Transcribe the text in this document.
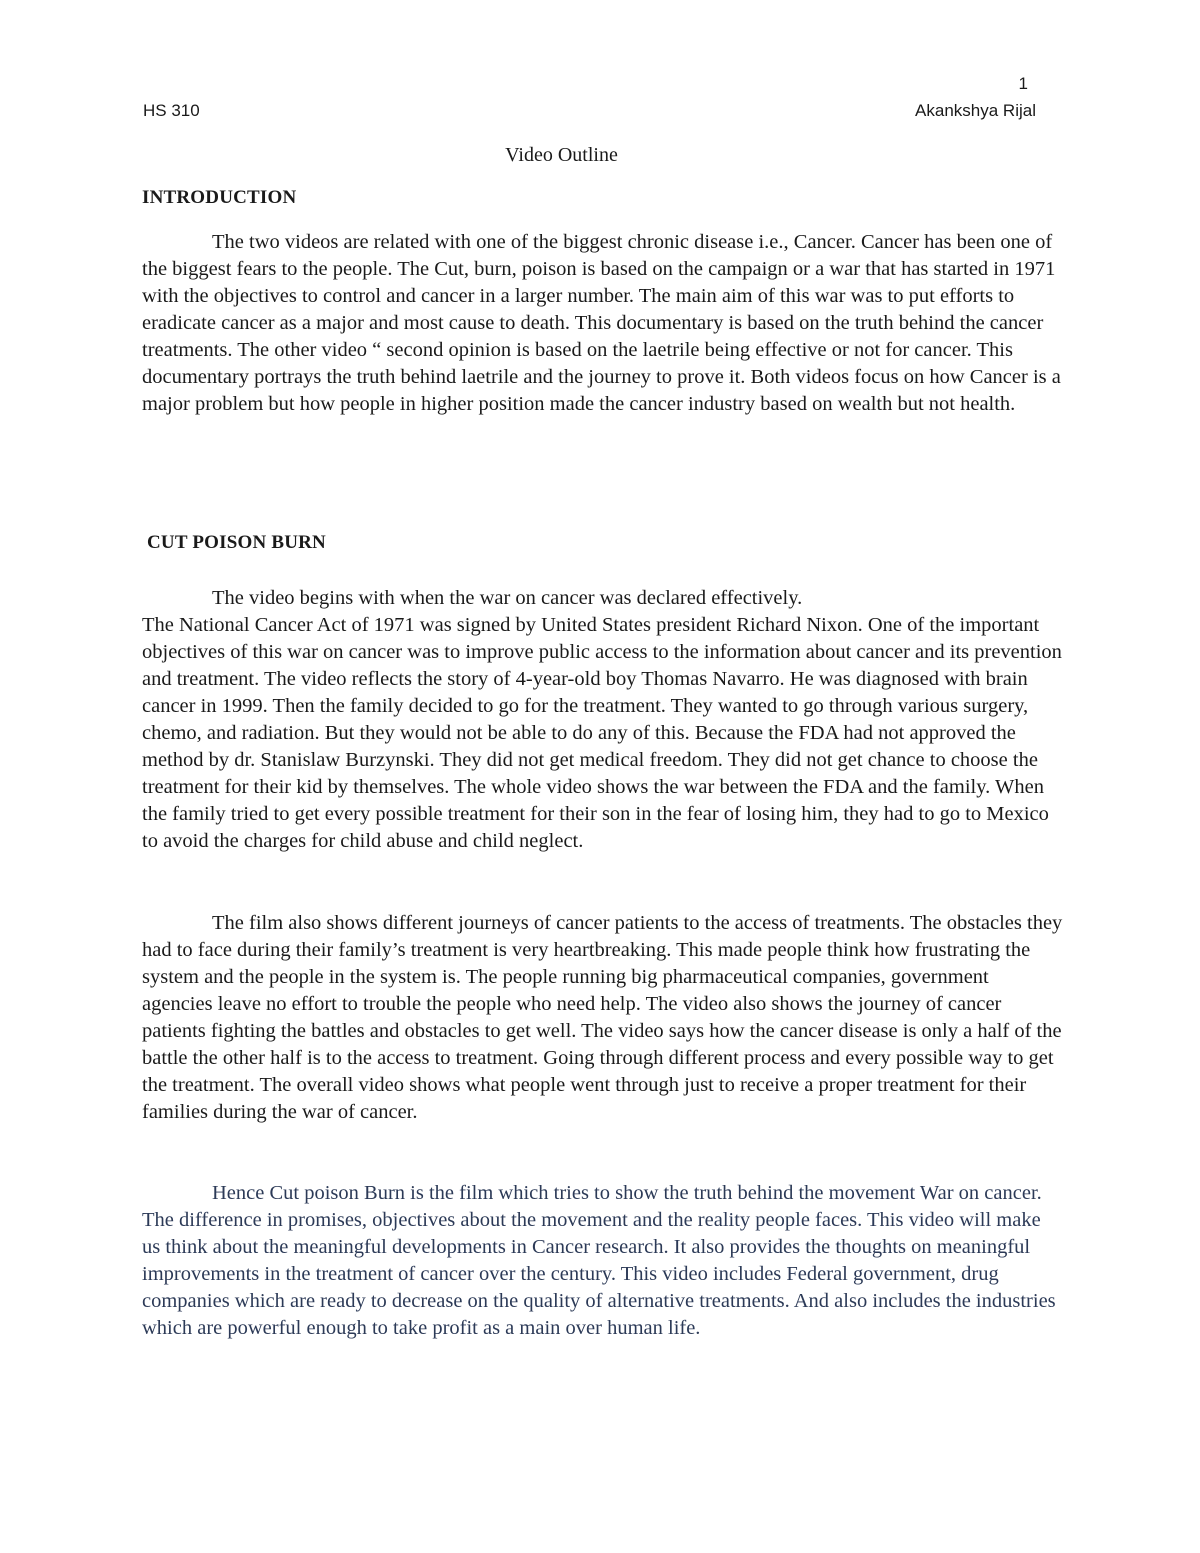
1
HS 310	Akankshya Rijal
Video Outline
INTRODUCTION

The two videos are related with one of the biggest chronic disease i.e., Cancer. Cancer has been one of the biggest fears to the people. The Cut, burn, poison is based on the campaign or a war that has started in 1971 with the objectives to control and cancer in a larger number. The main aim of this war was to put efforts to eradicate cancer as a major and most cause to death. This documentary is based on the truth behind the cancer treatments. The other video “ second opinion is based on the laetrile being effective or not for cancer. This documentary portrays the truth behind laetrile and the journey to prove it. Both videos focus on how Cancer is a major problem but how people in higher position made the cancer industry based on wealth but not health.

CUT POISON BURN

The video begins with when the war on cancer was declared effectively.
The National Cancer Act of 1971 was signed by United States president Richard Nixon. One of the important objectives of this war on cancer was to improve public access to the information about cancer and its prevention and treatment. The video reflects the story of 4-year-old boy Thomas Navarro. He was diagnosed with brain cancer in 1999. Then the family decided to go for the treatment. They wanted to go through various surgery, chemo, and radiation. But they would not be able to do any of this. Because the FDA had not approved the method by dr. Stanislaw Burzynski. They did not get medical freedom. They did not get chance to choose the treatment for their kid by themselves. The whole video shows the war between the FDA and the family. When the family tried to get every possible treatment for their son in the fear of losing him, they had to go to Mexico to avoid the charges for child abuse and child neglect.

The film also shows different journeys of cancer patients to the access of treatments. The obstacles they had to face during their family’s treatment is very heartbreaking. This made people think how frustrating the system and the people in the system is. The people running big pharmaceutical companies, government agencies leave no effort to trouble the people who need help. The video also shows the journey of cancer patients fighting the battles and obstacles to get well. The video says how the cancer disease is only a half of the battle the other half is to the access to treatment. Going through different process and every possible way to get the treatment. The overall video shows what people went through just to receive a proper treatment for their families during the war of cancer.

Hence Cut poison Burn is the film which tries to show the truth behind the movement War on cancer. The difference in promises, objectives about the movement and the reality people faces. This video will make us think about the meaningful developments in Cancer research. It also provides the thoughts on meaningful improvements in the treatment of cancer over the century. This video includes Federal government, drug companies which are ready to decrease on the quality of alternative treatments. And also includes the industries which are powerful enough to take profit as a main over human life.
